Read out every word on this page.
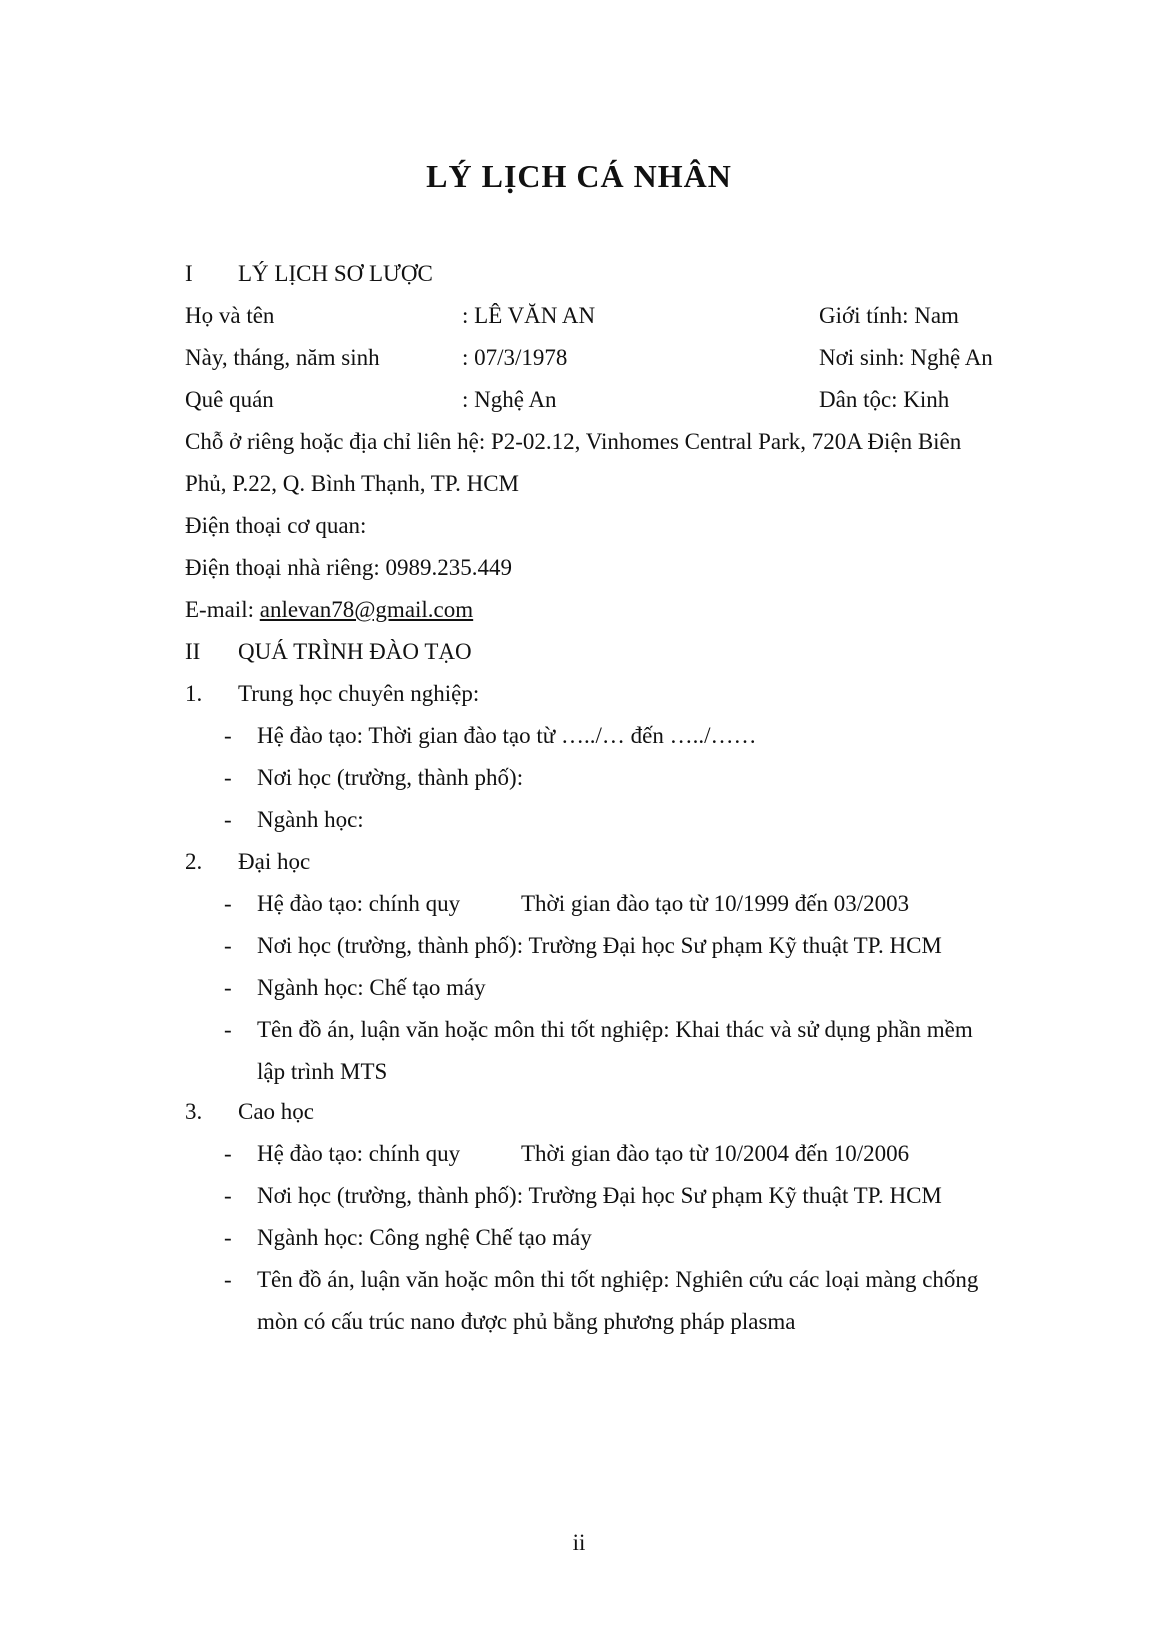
LÝ LỊCH CÁ NHÂN
I LÝ LỊCH SƠ LƯỢC
Họ và tên	: LÊ VĂN AN	Giới tính: Nam
Này, tháng, năm sinh	: 07/3/1978	Nơi sinh: Nghệ An
Quê quán	: Nghệ An	Dân tộc: Kinh
Chỗ ở riêng hoặc địa chỉ liên hệ: P2-02.12, Vinhomes Central Park, 720A Điện Biên
Phủ, P.22, Q. Bình Thạnh, TP. HCM
Điện thoại cơ quan:
Điện thoại nhà riêng: 0989.235.449
E-mail: anlevan78@gmail.com
II QUÁ TRÌNH ĐÀO TẠO
1. Trung học chuyên nghiệp:
- Hệ đào tạo: Thời gian đào tạo từ …../… đến …../……
- Nơi học (trường, thành phố):
- Ngành học:
2. Đại học
- Hệ đào tạo: chính quy	Thời gian đào tạo từ 10/1999 đến 03/2003
- Nơi học (trường, thành phố): Trường Đại học Sư phạm Kỹ thuật TP. HCM
- Ngành học: Chế tạo máy
- Tên đồ án, luận văn hoặc môn thi tốt nghiệp: Khai thác và sử dụng phần mềm
lập trình MTS
3. Cao học
- Hệ đào tạo: chính quy	Thời gian đào tạo từ 10/2004 đến 10/2006
- Nơi học (trường, thành phố): Trường Đại học Sư phạm Kỹ thuật TP. HCM
- Ngành học: Công nghệ Chế tạo máy
- Tên đồ án, luận văn hoặc môn thi tốt nghiệp: Nghiên cứu các loại màng chống
mòn có cấu trúc nano được phủ bằng phương pháp plasma
ii
